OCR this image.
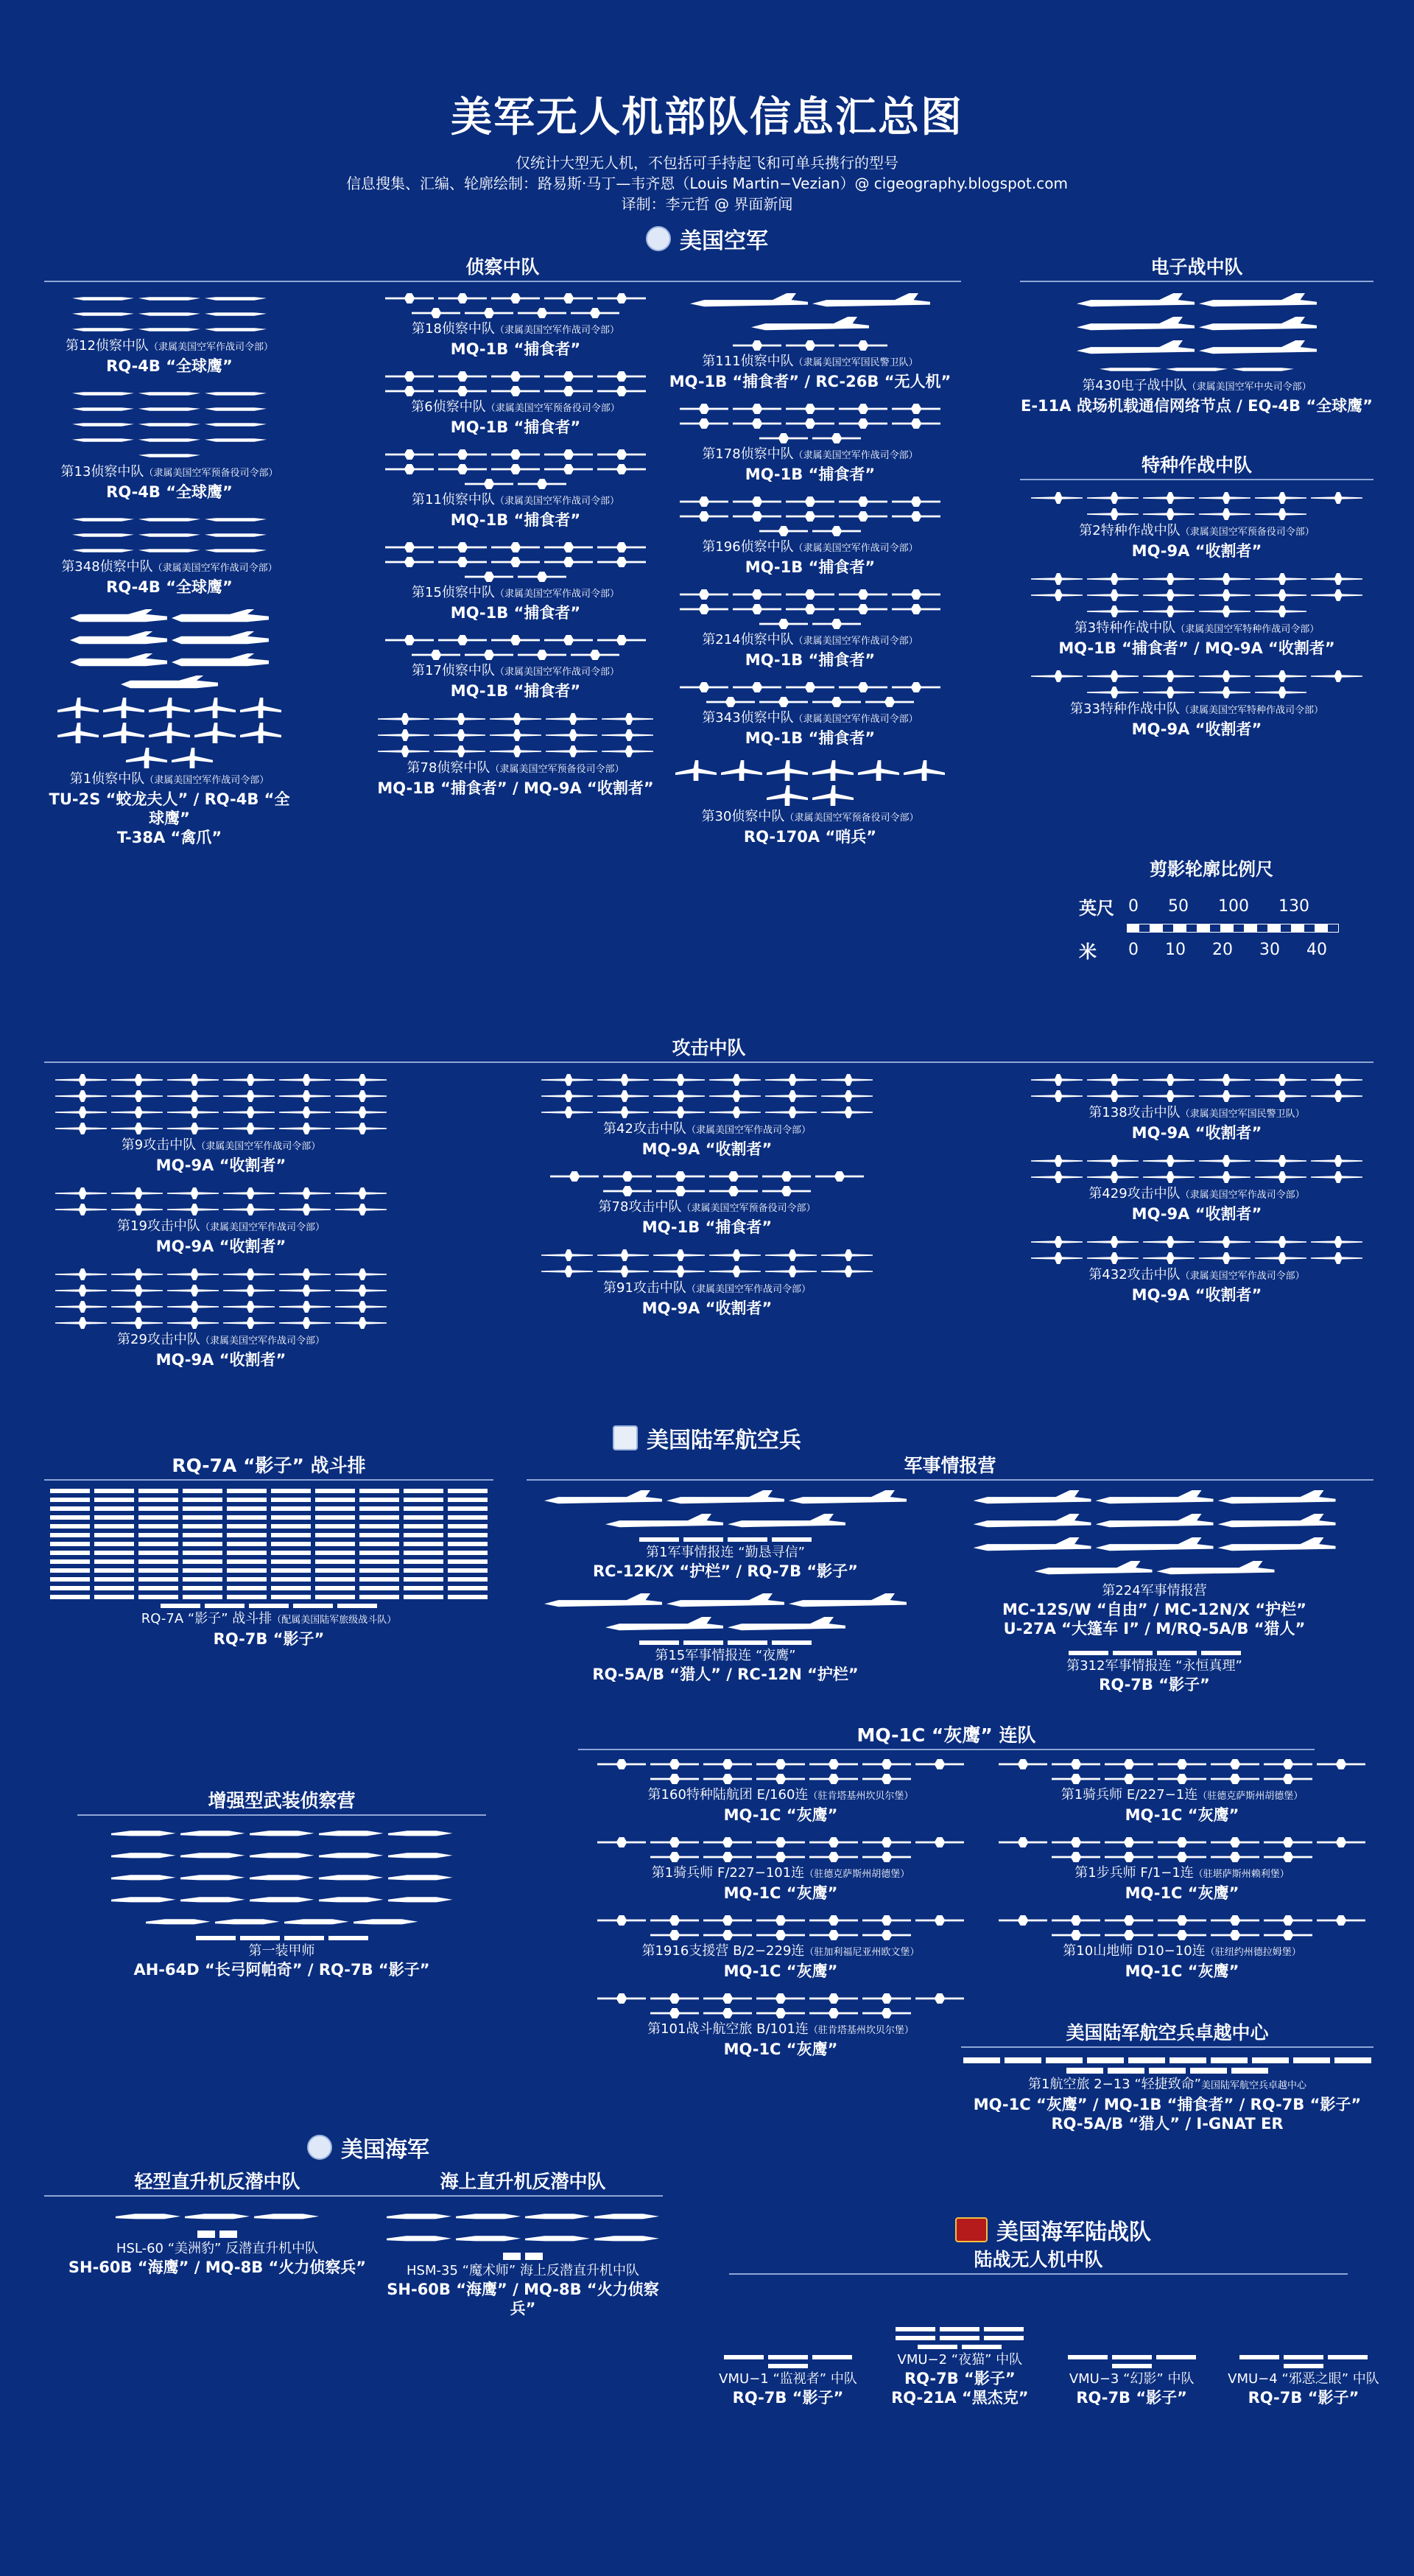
美军无人机部队信息汇总图
仅统计大型无人机，不包括可手持起飞和可单兵携行的型号
信息搜集、汇编、轮廓绘制：路易斯·马丁—韦齐恩（Louis Martin−Vezian）@ cigeography.blogspot.com
译制：李元哲 @ 界面新闻
美国空军
侦察中队	电子战中队
第12侦察中队（隶属美国空军作战司令部）
RQ-4B “全球鹰”
第13侦察中队（隶属美国空军预备役司令部）
RQ-4B “全球鹰”
第348侦察中队（隶属美国空军作战司令部）
RQ-4B “全球鹰”
第1侦察中队（隶属美国空军作战司令部）
TU-2S “蛟龙夫人” / RQ-4B “全球鹰”
T-38A “禽爪”
第18侦察中队（隶属美国空军作战司令部）
MQ-1B “捕食者”
第6侦察中队（隶属美国空军预备役司令部）
MQ-1B “捕食者”
第11侦察中队（隶属美国空军作战司令部）
MQ-1B “捕食者”
第15侦察中队（隶属美国空军作战司令部）
MQ-1B “捕食者”
第17侦察中队（隶属美国空军作战司令部）
MQ-1B “捕食者”
第78侦察中队（隶属美国空军预备役司令部）
MQ-1B “捕食者” / MQ-9A “收割者”
第111侦察中队（隶属美国空军国民警卫队）
MQ-1B “捕食者” / RC-26B “无人机”
第178侦察中队（隶属美国空军作战司令部）
MQ-1B “捕食者”
第196侦察中队（隶属美国空军作战司令部）
MQ-1B “捕食者”
第214侦察中队（隶属美国空军作战司令部）
MQ-1B “捕食者”
第343侦察中队（隶属美国空军作战司令部）
MQ-1B “捕食者”
第30侦察中队（隶属美国空军预备役司令部）
RQ-170A “哨兵”
第430电子战中队（隶属美国空军中央司令部）
E-11A 战场机载通信网络节点 / EQ-4B “全球鹰”
特种作战中队
第2特种作战中队（隶属美国空军预备役司令部）
MQ-9A “收割者”
第3特种作战中队（隶属美国空军特种作战司令部）
MQ-1B “捕食者” / MQ-9A “收割者”
第33特种作战中队（隶属美国空军特种作战司令部）
MQ-9A “收割者”
剪影轮廓比例尺
英尺 0 50 100 130
米	0 10 20 30 40
攻击中队
第9攻击中队（隶属美国空军作战司令部）
MQ-9A “收割者”
第19攻击中队（隶属美国空军作战司令部）
MQ-9A “收割者”
第29攻击中队（隶属美国空军作战司令部）
MQ-9A “收割者”
第42攻击中队（隶属美国空军作战司令部）
MQ-9A “收割者”
第78攻击中队（隶属美国空军预备役司令部）
MQ-1B “捕食者”
第91攻击中队（隶属美国空军作战司令部）
MQ-9A “收割者”
第138攻击中队（隶属美国空军国民警卫队）
MQ-9A “收割者”
第429攻击中队（隶属美国空军作战司令部）
MQ-9A “收割者”
第432攻击中队（隶属美国空军作战司令部）
MQ-9A “收割者”
美国陆军航空兵
RQ-7A “影子” 战斗排
RQ-7A “影子” 战斗排（配属美国陆军旅级战斗队）
RQ-7B “影子”
军事情报营
第1军事情报连 “勤恳寻信”
RC-12K/X “护栏” / RQ-7B “影子”
第15军事情报连 “夜鹰”
RQ-5A/B “猎人” / RC-12N “护栏”
第224军事情报营
MC-12S/W “自由” / MC-12N/X “护栏”
U-27A “大篷车 I” / M/RQ-5A/B “猎人”
第312军事情报连 “永恒真理”
RQ-7B “影子”
MQ-1C “灰鹰” 连队
第160特种陆航团 E/160连（驻肯塔基州坎贝尔堡）
MQ-1C “灰鹰”
第1骑兵师 F/227−101连（驻德克萨斯州胡德堡）
MQ-1C “灰鹰”
第1916支援营 B/2−229连（驻加利福尼亚州欧文堡）
MQ-1C “灰鹰”
第101战斗航空旅 B/101连（驻肯塔基州坎贝尔堡）
MQ-1C “灰鹰”
第1骑兵师 E/227−1连（驻德克萨斯州胡德堡）
MQ-1C “灰鹰”
第1步兵师 F/1−1连（驻堪萨斯州赖利堡）
MQ-1C “灰鹰”
第10山地师 D10−10连（驻纽约州德拉姆堡）
MQ-1C “灰鹰”
增强型武装侦察营
第一装甲师
AH-64D “长弓阿帕奇” / RQ-7B “影子”
美国陆军航空兵卓越中心
第1航空旅 2−13 “轻捷致命”美国陆军航空兵卓越中心
MQ-1C “灰鹰” / MQ-1B “捕食者” / RQ-7B “影子”
RQ-5A/B “猎人” / I-GNAT ER
美国海军
轻型直升机反潜中队
HSL-60 “美洲豹” 反潜直升机中队
SH-60B “海鹰” / MQ-8B “火力侦察兵”
海上直升机反潜中队
HSM-35 “魔术师” 海上反潜直升机中队
SH-60B “海鹰” / MQ-8B “火力侦察兵”
美国海军陆战队
陆战无人机中队
VMU−1 “监视者” 中队
RQ-7B “影子”
VMU−2 “夜猫” 中队
RQ-7B “影子”
RQ-21A “黑杰克”
VMU−3 “幻影” 中队
RQ-7B “影子”
VMU−4 “邪恶之眼” 中队
RQ-7B “影子”
